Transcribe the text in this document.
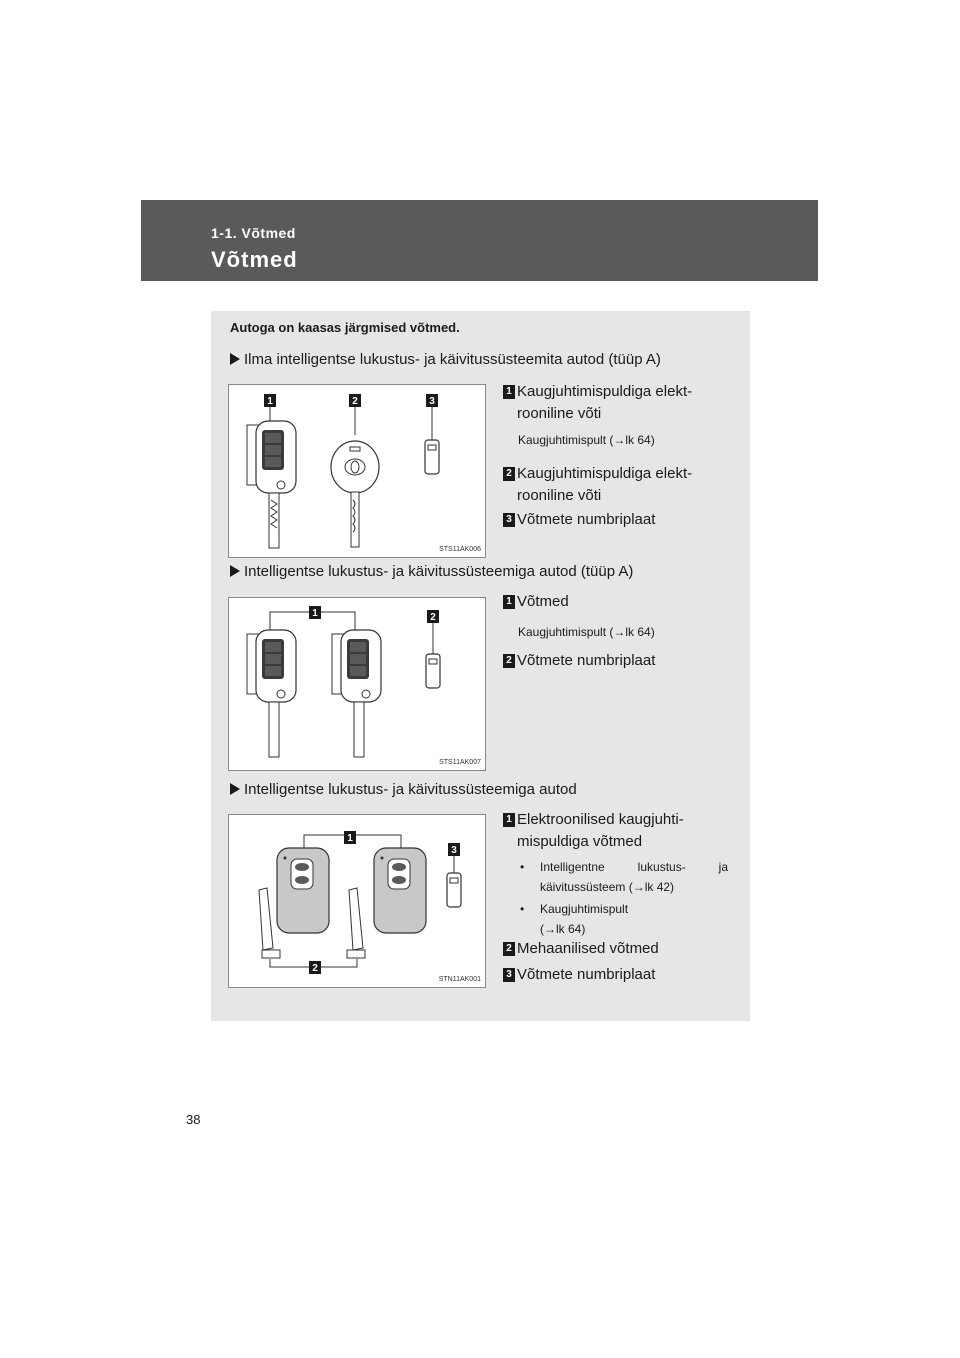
1-1. Võtmed
Võtmed
Autoga on kaasas järgmised võtmed.
Ilma intelligentse lukustus- ja käivitussüsteemita autod (tüüp A)
1	2	3
STS11AK006
1 Kaugjuhtimispuldiga elekt-
rooniline võti
Kaugjuhtimispult (→lk 64)
2 Kaugjuhtimispuldiga elekt-
rooniline võti
3 Võtmete numbriplaat
Intelligentse lukustus- ja käivitussüsteemiga autod (tüüp A)
1	2
STS11AK007
1 Võtmed
Kaugjuhtimispult (→lk 64)
2 Võtmete numbriplaat
Intelligentse lukustus- ja käivitussüsteemiga autod
1
3
2
STN11AK001
1 Elektroonilised kaugjuhti-
mispuldiga võtmed
•	Intelligentne lukustus- ja käivitussüsteem (→lk 42)
•	Kaugjuhtimispult (→lk 64)
2 Mehaanilised võtmed
3 Võtmete numbriplaat
38
